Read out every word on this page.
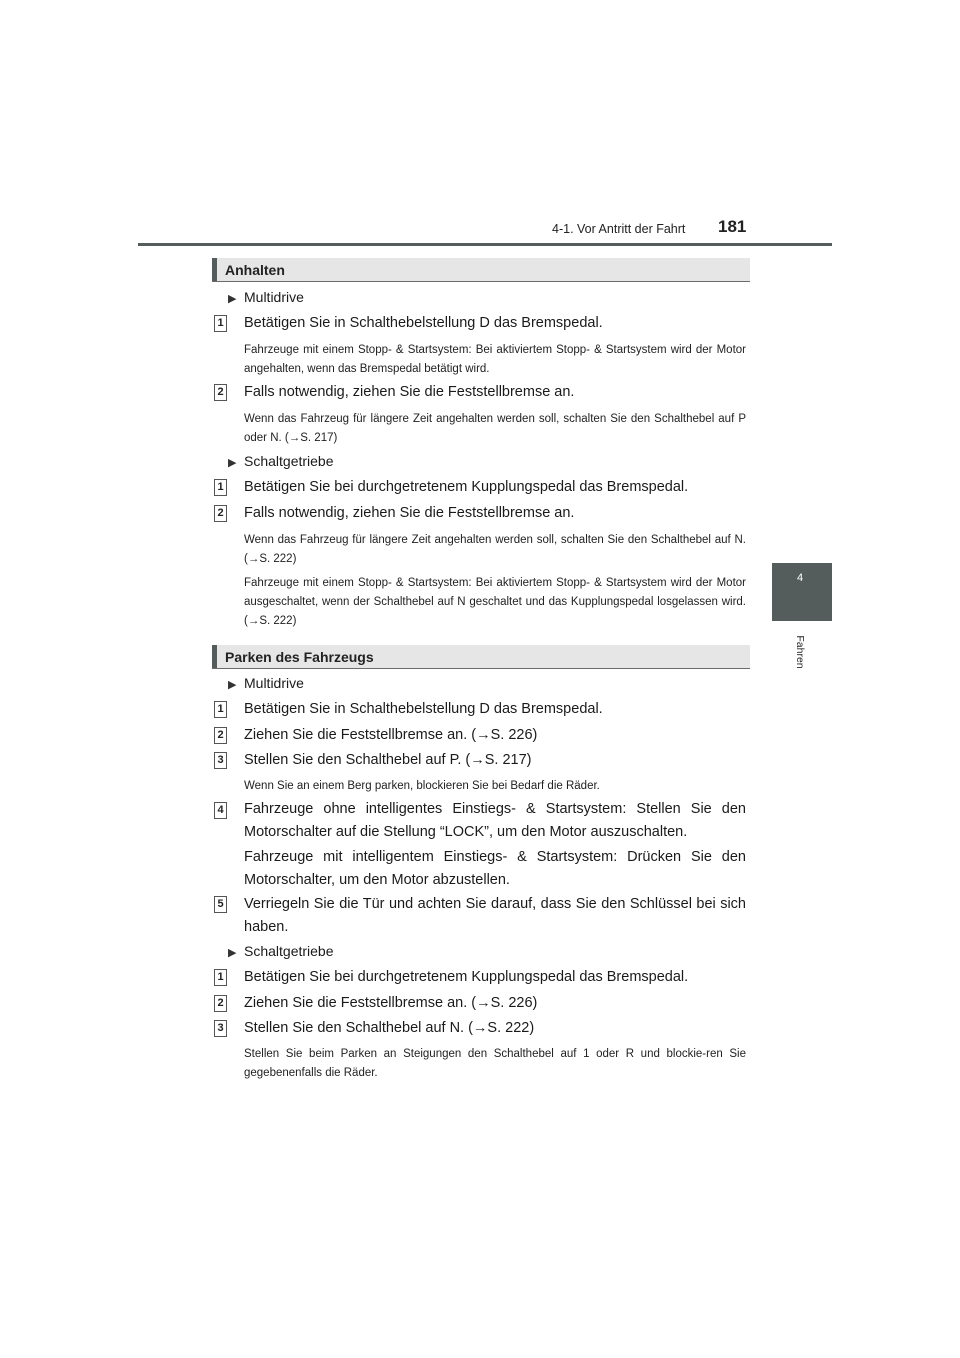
4-1. Vor Antritt der Fahrt 181
4
Fahren
Anhalten
▶ Multidrive
1 Betätigen Sie in Schalthebelstellung D das Bremspedal.
Fahrzeuge mit einem Stopp- & Startsystem: Bei aktiviertem Stopp- & Startsystem wird der Motor angehalten, wenn das Bremspedal betätigt wird.
2 Falls notwendig, ziehen Sie die Feststellbremse an.
Wenn das Fahrzeug für längere Zeit angehalten werden soll, schalten Sie den Schalthebel auf P oder N. (→S. 217)
▶ Schaltgetriebe
1 Betätigen Sie bei durchgetretenem Kupplungspedal das Bremspedal.
2 Falls notwendig, ziehen Sie die Feststellbremse an.
Wenn das Fahrzeug für längere Zeit angehalten werden soll, schalten Sie den Schalthebel auf N. (→S. 222)
Fahrzeuge mit einem Stopp- & Startsystem: Bei aktiviertem Stopp- & Startsystem wird der Motor ausgeschaltet, wenn der Schalthebel auf N geschaltet und das Kupplungspedal losgelassen wird. (→S. 222)
Parken des Fahrzeugs
▶ Multidrive
1 Betätigen Sie in Schalthebelstellung D das Bremspedal.
2 Ziehen Sie die Feststellbremse an. (→S. 226)
3 Stellen Sie den Schalthebel auf P. (→S. 217)
Wenn Sie an einem Berg parken, blockieren Sie bei Bedarf die Räder.
4 Fahrzeuge ohne intelligentes Einstiegs- & Startsystem: Stellen Sie den Motorschalter auf die Stellung “LOCK”, um den Motor auszuschalten.
Fahrzeuge mit intelligentem Einstiegs- & Startsystem: Drücken Sie den Motorschalter, um den Motor abzustellen.
5 Verriegeln Sie die Tür und achten Sie darauf, dass Sie den Schlüssel bei sich haben.
▶ Schaltgetriebe
1 Betätigen Sie bei durchgetretenem Kupplungspedal das Bremspedal.
2 Ziehen Sie die Feststellbremse an. (→S. 226)
3 Stellen Sie den Schalthebel auf N. (→S. 222)
Stellen Sie beim Parken an Steigungen den Schalthebel auf 1 oder R und blockie-ren Sie gegebenenfalls die Räder.
